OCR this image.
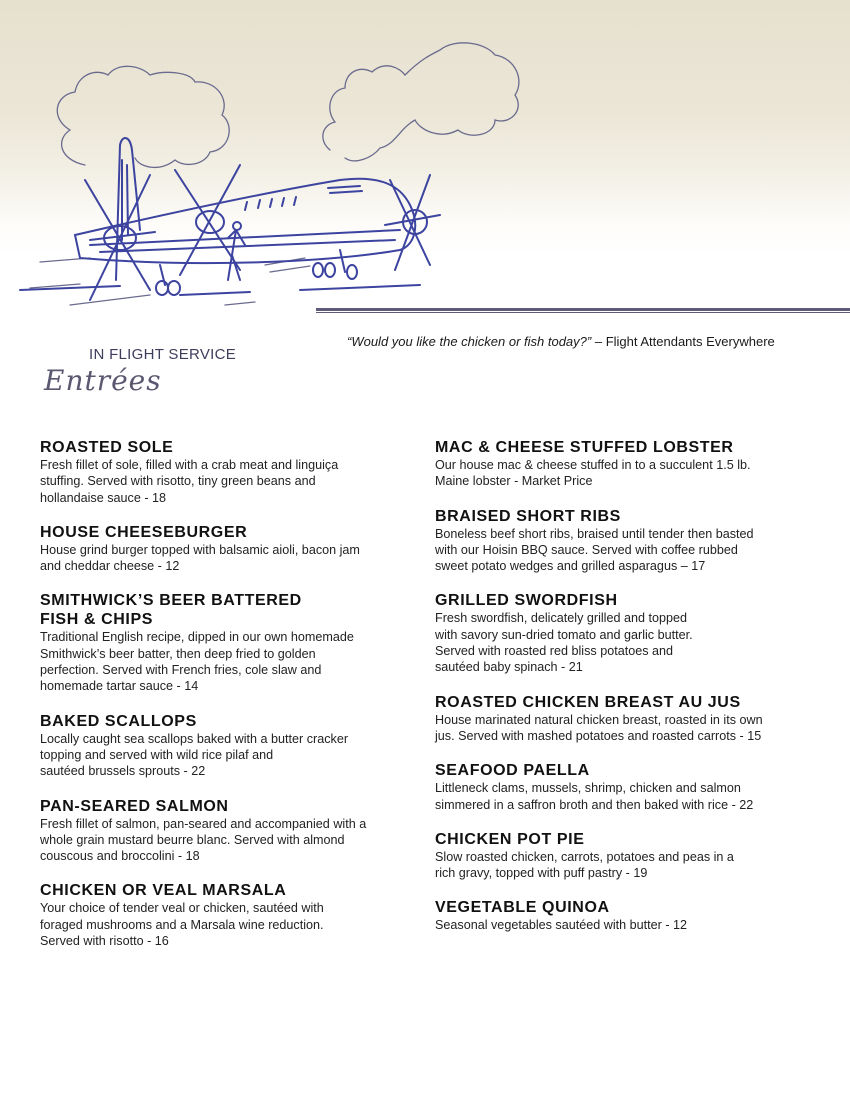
“Would you like the chicken or fish today?” – Flight Attendants Everywhere
IN FLIGHT SERVICE
Entrées
ROASTED SOLE
Fresh fillet of sole, filled with a crab meat and linguiça
stuffing. Served with risotto, tiny green beans and
hollandaise sauce - 18
HOUSE CHEESEBURGER
House grind burger topped with balsamic aioli, bacon jam
and cheddar cheese - 12
SMITHWICK’S BEER BATTERED
FISH & CHIPS
Traditional English recipe, dipped in our own homemade
Smithwick’s beer batter, then deep fried to golden
perfection. Served with French fries, cole slaw and
homemade tartar sauce - 14
BAKED SCALLOPS
Locally caught sea scallops baked with a butter cracker
topping and served with wild rice pilaf and
sautéed brussels sprouts - 22
PAN-SEARED SALMON
Fresh fillet of salmon, pan-seared and accompanied with a
whole grain mustard beurre blanc. Served with almond
couscous and broccolini - 18
CHICKEN OR VEAL MARSALA
Your choice of tender veal or chicken, sautéed with
foraged mushrooms and a Marsala wine reduction.
Served with risotto - 16
MAC & CHEESE STUFFED LOBSTER
Our house mac & cheese stuffed in to a succulent 1.5 lb.
Maine lobster - Market Price
BRAISED SHORT RIBS
Boneless beef short ribs, braised until tender then basted
with our Hoisin BBQ sauce. Served with coffee rubbed
sweet potato wedges and grilled asparagus – 17
GRILLED SWORDFISH
Fresh swordfish, delicately grilled and topped
with savory sun-dried tomato and garlic butter.
Served with roasted red bliss potatoes and
sautéed baby spinach - 21
ROASTED CHICKEN BREAST AU JUS
House marinated natural chicken breast, roasted in its own
jus. Served with mashed potatoes and roasted carrots - 15
SEAFOOD PAELLA
Littleneck clams, mussels, shrimp, chicken and salmon
simmered in a saffron broth and then baked with rice - 22
CHICKEN POT PIE
Slow roasted chicken, carrots, potatoes and peas in a
rich gravy, topped with puff pastry - 19
VEGETABLE QUINOA
Seasonal vegetables sautéed with butter - 12
